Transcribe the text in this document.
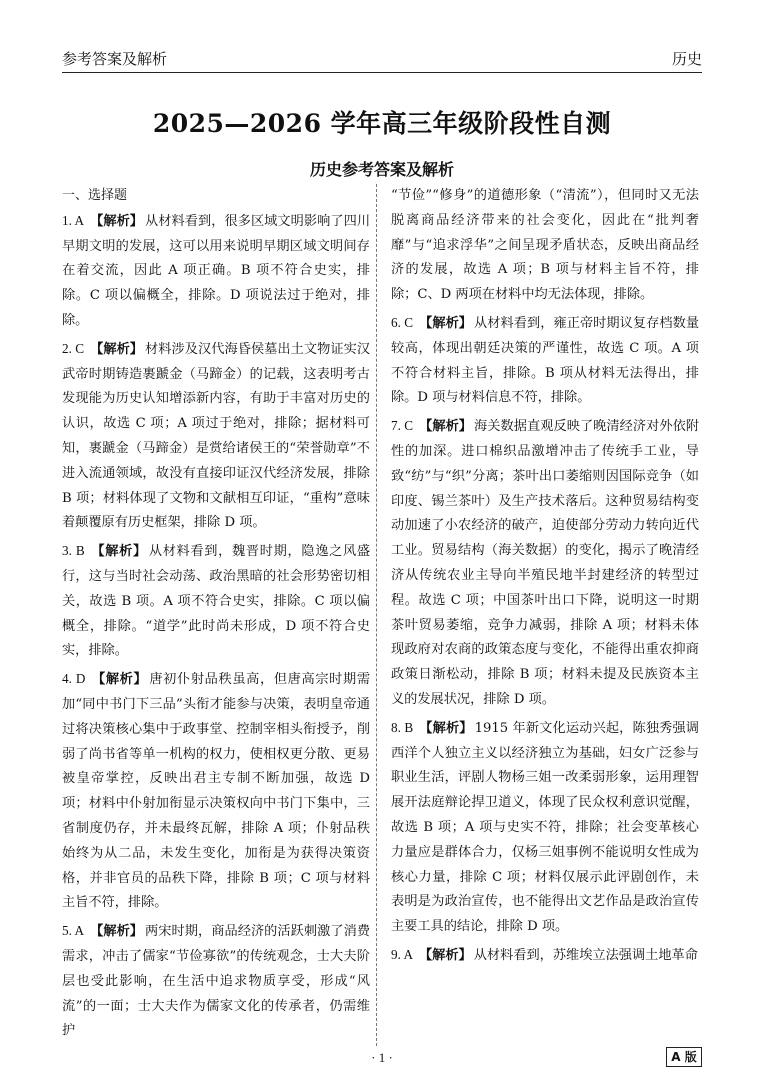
参考答案及解析	历史
2025—2026 学年高三年级阶段性自测
历史参考答案及解析

一、选择题

1. A 【解析】 从材料看到，很多区域文明影响了四川早期文明的发展，这可以用来说明早期区域文明间存在着交流，因此 A 项正确。B 项不符合史实，排除。C 项以偏概全，排除。D 项说法过于绝对，排除。

2. C 【解析】 材料涉及汉代海昏侯墓出土文物证实汉武帝时期铸造裹蹏金（马蹄金）的记载，这表明考古发现能为历史认知增添新内容，有助于丰富对历史的认识，故选 C 项；A 项过于绝对，排除；据材料可知，裹蹏金（马蹄金）是赏给诸侯王的“荣誉勋章”不进入流通领域，故没有直接印证汉代经济发展，排除 B 项；材料体现了文物和文献相互印证，“重构”意味着颠覆原有历史框架，排除 D 项。

3. B 【解析】 从材料看到，魏晋时期，隐逸之风盛行，这与当时社会动荡、政治黑暗的社会形势密切相关，故选 B 项。A 项不符合史实，排除。C 项以偏概全，排除。“道学”此时尚未形成，D 项不符合史实，排除。

4. D 【解析】 唐初仆射品秩虽高，但唐高宗时期需加“同中书门下三品”头衔才能参与决策，表明皇帝通过将决策核心集中于政事堂、控制宰相头衔授予，削弱了尚书省等单一机构的权力，使相权更分散、更易被皇帝掌控，反映出君主专制不断加强，故选 D 项；材料中仆射加衔显示决策权向中书门下集中，三省制度仍存，并未最终瓦解，排除 A 项；仆射品秩始终为从二品，未发生变化，加衔是为获得决策资格，并非官员的品秩下降，排除 B 项；C 项与材料主旨不符，排除。

5. A 【解析】 两宋时期，商品经济的活跃刺激了消费需求，冲击了儒家“节俭寡欲”的传统观念，士大夫阶层也受此影响，在生活中追求物质享受，形成“风流”的一面；士大夫作为儒家文化的传承者，仍需维护

“节俭”“修身”的道德形象（“清流”），但同时又无法脱离商品经济带来的社会变化，因此在“批判奢靡”与“追求浮华”之间呈现矛盾状态，反映出商品经济的发展，故选 A 项；B 项与材料主旨不符，排除；C、D 两项在材料中均无法体现，排除。

6. C 【解析】 从材料看到，雍正帝时期议复存档数量较高，体现出朝廷决策的严谨性，故选 C 项。A 项不符合材料主旨，排除。B 项从材料无法得出，排除。D 项与材料信息不符，排除。

7. C 【解析】 海关数据直观反映了晚清经济对外依附性的加深。进口棉织品激增冲击了传统手工业，导致“纺”与“织”分离；茶叶出口萎缩则因国际竞争（如印度、锡兰茶叶）及生产技术落后。这种贸易结构变动加速了小农经济的破产，迫使部分劳动力转向近代工业。贸易结构（海关数据）的变化，揭示了晚清经济从传统农业主导向半殖民地半封建经济的转型过程。故选 C 项；中国茶叶出口下降，说明这一时期茶叶贸易萎缩，竞争力减弱，排除 A 项；材料未体现政府对农商的政策态度与变化，不能得出重农抑商政策日渐松动，排除 B 项；材料未提及民族资本主义的发展状况，排除 D 项。

8. B 【解析】 1915 年新文化运动兴起，陈独秀强调西洋个人独立主义以经济独立为基础，妇女广泛参与职业生活，评剧人物杨三姐一改柔弱形象，运用理智展开法庭辩论捍卫道义，体现了民众权利意识觉醒，故选 B 项；A 项与史实不符，排除；社会变革核心力量应是群体合力，仅杨三姐事例不能说明女性成为核心力量，排除 C 项；材料仅展示此评剧创作，未表明是为政治宣传，也不能得出文艺作品是政治宣传主要工具的结论，排除 D 项。

9. A 【解析】 从材料看到，苏维埃立法强调土地革命

· 1 ·	A 版
